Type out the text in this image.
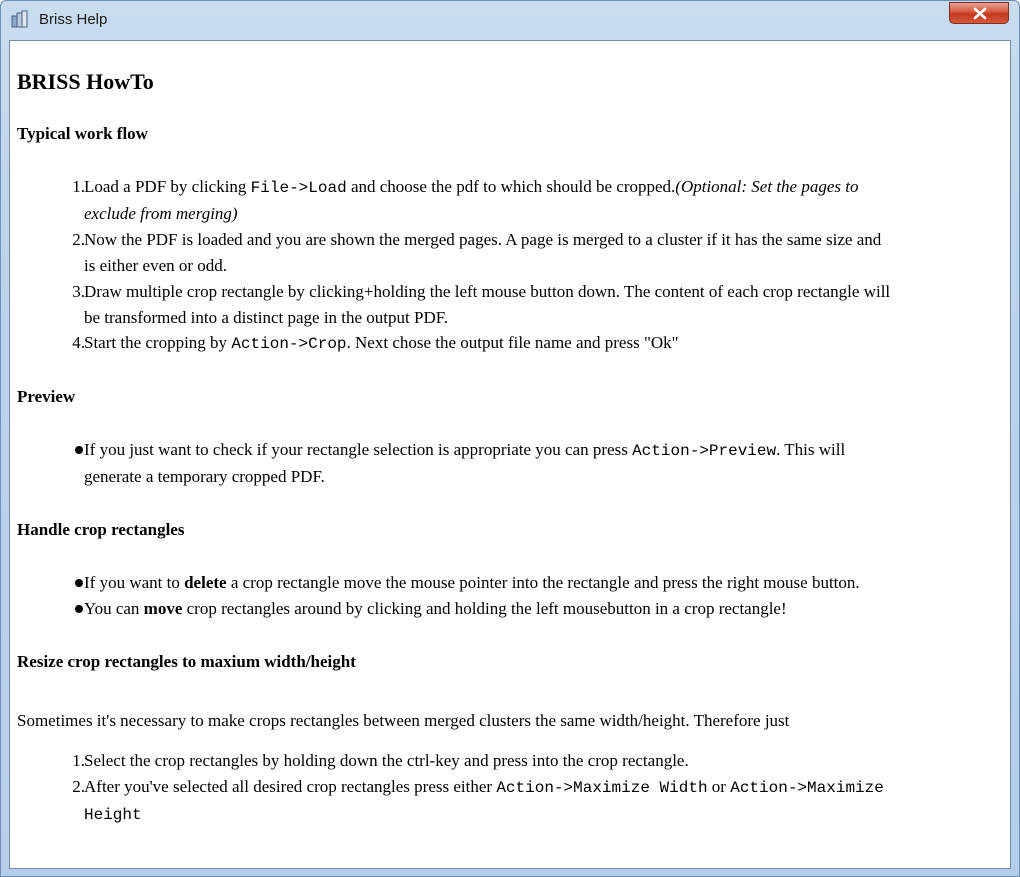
Briss Help
BRISS HowTo
Typical work flow
1. Load a PDF by clicking File->Load and choose the pdf to which should be cropped.(Optional: Set the pages to
exclude from merging)
2. Now the PDF is loaded and you are shown the merged pages. A page is merged to a cluster if it has the same size and
is either even or odd.
3. Draw multiple crop rectangle by clicking+holding the left mouse button down. The content of each crop rectangle will
be transformed into a distinct page in the output PDF.
4. Start the cropping by Action->Crop. Next chose the output file name and press "Ok"
Preview
If you just want to check if your rectangle selection is appropriate you can press Action->Preview. This will
generate a temporary cropped PDF.
Handle crop rectangles
If you want to delete a crop rectangle move the mouse pointer into the rectangle and press the right mouse button.
You can move crop rectangles around by clicking and holding the left mousebutton in a crop rectangle!
Resize crop rectangles to maxium width/height
Sometimes it's necessary to make crops rectangles between merged clusters the same width/height. Therefore just
1. Select the crop rectangles by holding down the ctrl-key and press into the crop rectangle.
2. After you've selected all desired crop rectangles press either Action->Maximize Width or Action->Maximize
Height
